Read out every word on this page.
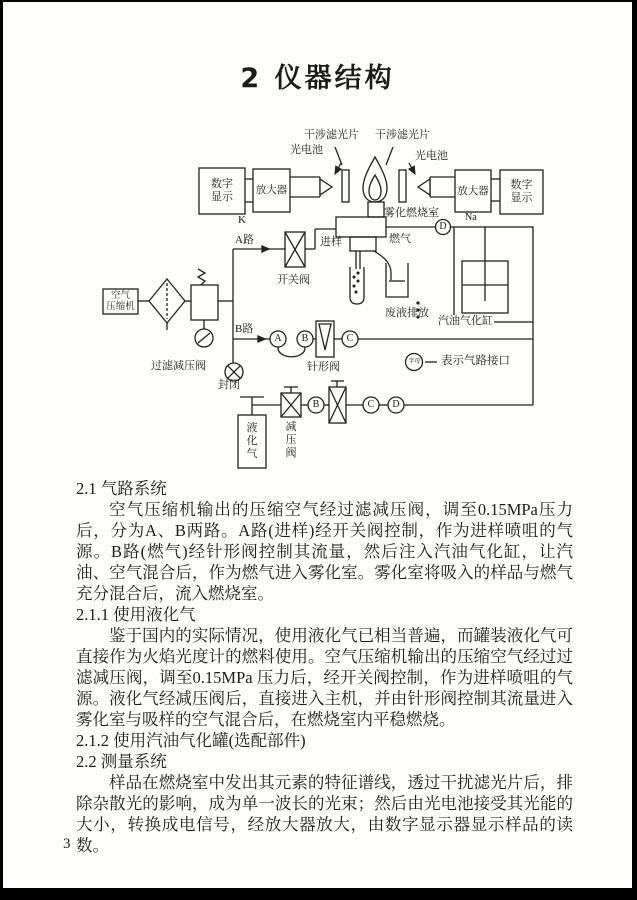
2 仪器结构
干涉滤光片 干涉滤光片
光电池	光电池
数字
显示
放大器	放大器 数字
显示
K	Na
雾化燃烧室
燃气
进样
A路
开关阀
空气
压缩机
过滤减压阀
B路
封闭
针形阀
废液排放
汽油气化缸
字母 表示气路接口
液化气
减压阀
A	B	C
D
B	C	D
2.1 气路系统

空气压缩机输出的压缩空气经过滤减压阀，调至0.15MPa压力后，分为A、B两路。A路(进样)经开关阀控制，作为进样喷咀的气源。B路(燃气)经针形阀控制其流量，然后注入汽油气化缸，让汽油、空气混合后，作为燃气进入雾化室。雾化室将吸入的样品与燃气充分混合后，流入燃烧室。

2.1.1 使用液化气

鉴于国内的实际情况，使用液化气已相当普遍，而罐装液化气可直接作为火焰光度计的燃料使用。空气压缩机输出的压缩空气经过过滤减压阀，调至0.15MPa 压力后，经开关阀控制，作为进样喷咀的气源。液化气经减压阀后，直接进入主机，并由针形阀控制其流量进入雾化室与吸样的空气混合后，在燃烧室内平稳燃烧。

2.1.2 使用汽油气化罐(选配部件)

2.2 测量系统

样品在燃烧室中发出其元素的特征谱线，透过干扰滤光片后，排除杂散光的影响，成为单一波长的光束；然后由光电池接受其光能的大小，转换成电信号，经放大器放大，由数字显示器显示样品的读数。

3
